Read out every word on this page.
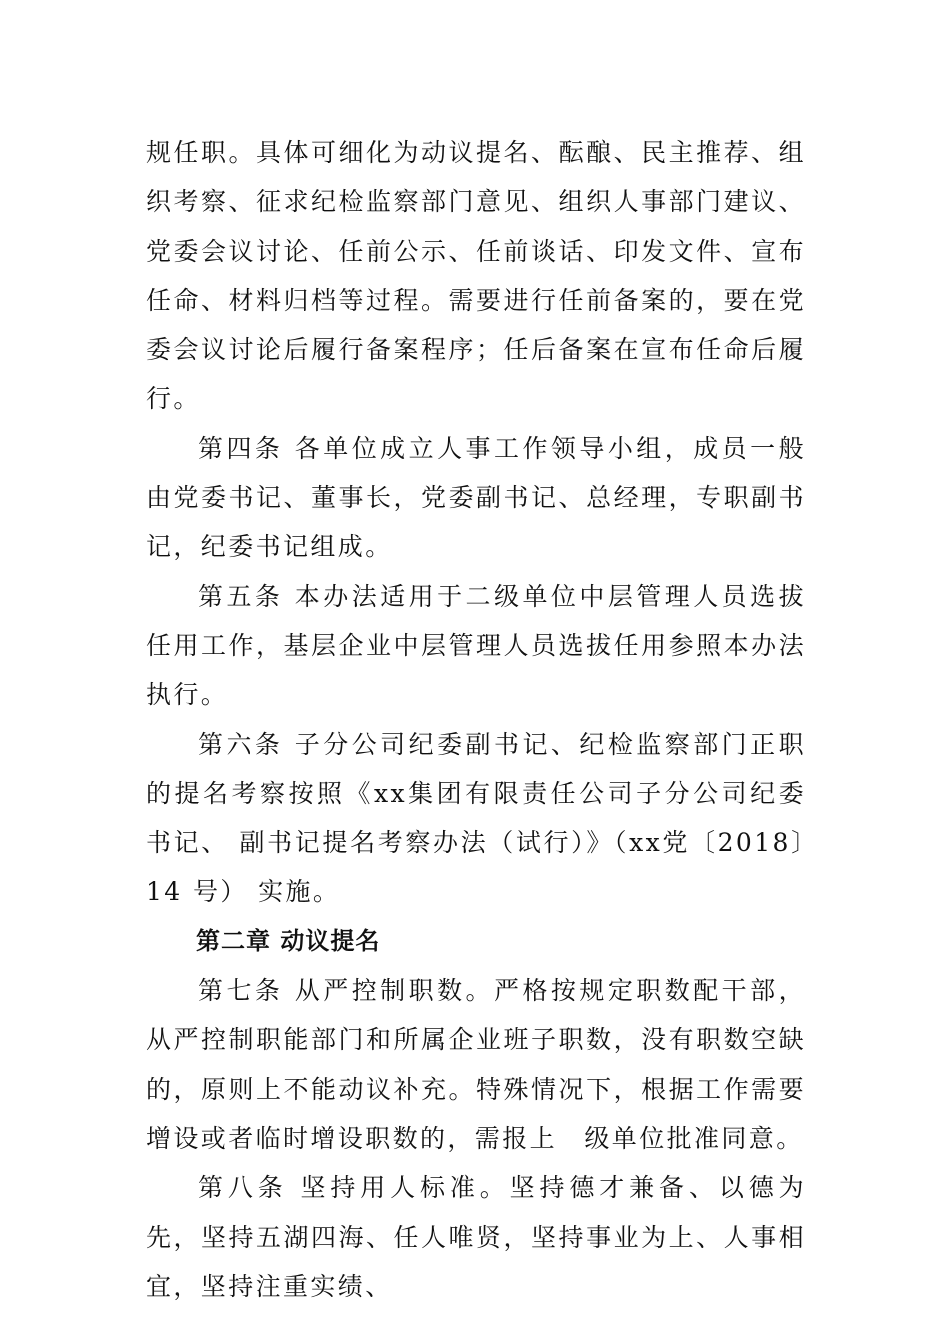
规任职。具体可细化为动议提名、酝酿、民主推荐、组织考察、征求纪检监察部门意见、组织人事部门建议、党委会议讨论、任前公示、任前谈话、印发文件、宣布任命、材料归档等过程。需要进行任前备案的，要在党委会议讨论后履行备案程序；任后备案在宣布任命后履行。

第四条 各单位成立人事工作领导小组，成员一般由党委书记、董事长，党委副书记、总经理，专职副书记，纪委书记组成。

第五条 本办法适用于二级单位中层管理人员选拔任用工作，基层企业中层管理人员选拔任用参照本办法执行。

第六条 子分公司纪委副书记、纪检监察部门正职的提名考察按照《xx集团有限责任公司子分公司纪委书记、 副书记提名考察办法（试行）》（xx党〔2018〕14 号） 实施。

第二章 动议提名

第七条 从严控制职数。严格按规定职数配干部，从严控制职能部门和所属企业班子职数，没有职数空缺的，原则上不能动议补充。特殊情况下，根据工作需要增设或者临时增设职数的，需报上　级单位批准同意。

第八条 坚持用人标准。坚持德才兼备、以德为先，坚持五湖四海、任人唯贤，坚持事业为上、人事相宜，坚持注重实绩、
